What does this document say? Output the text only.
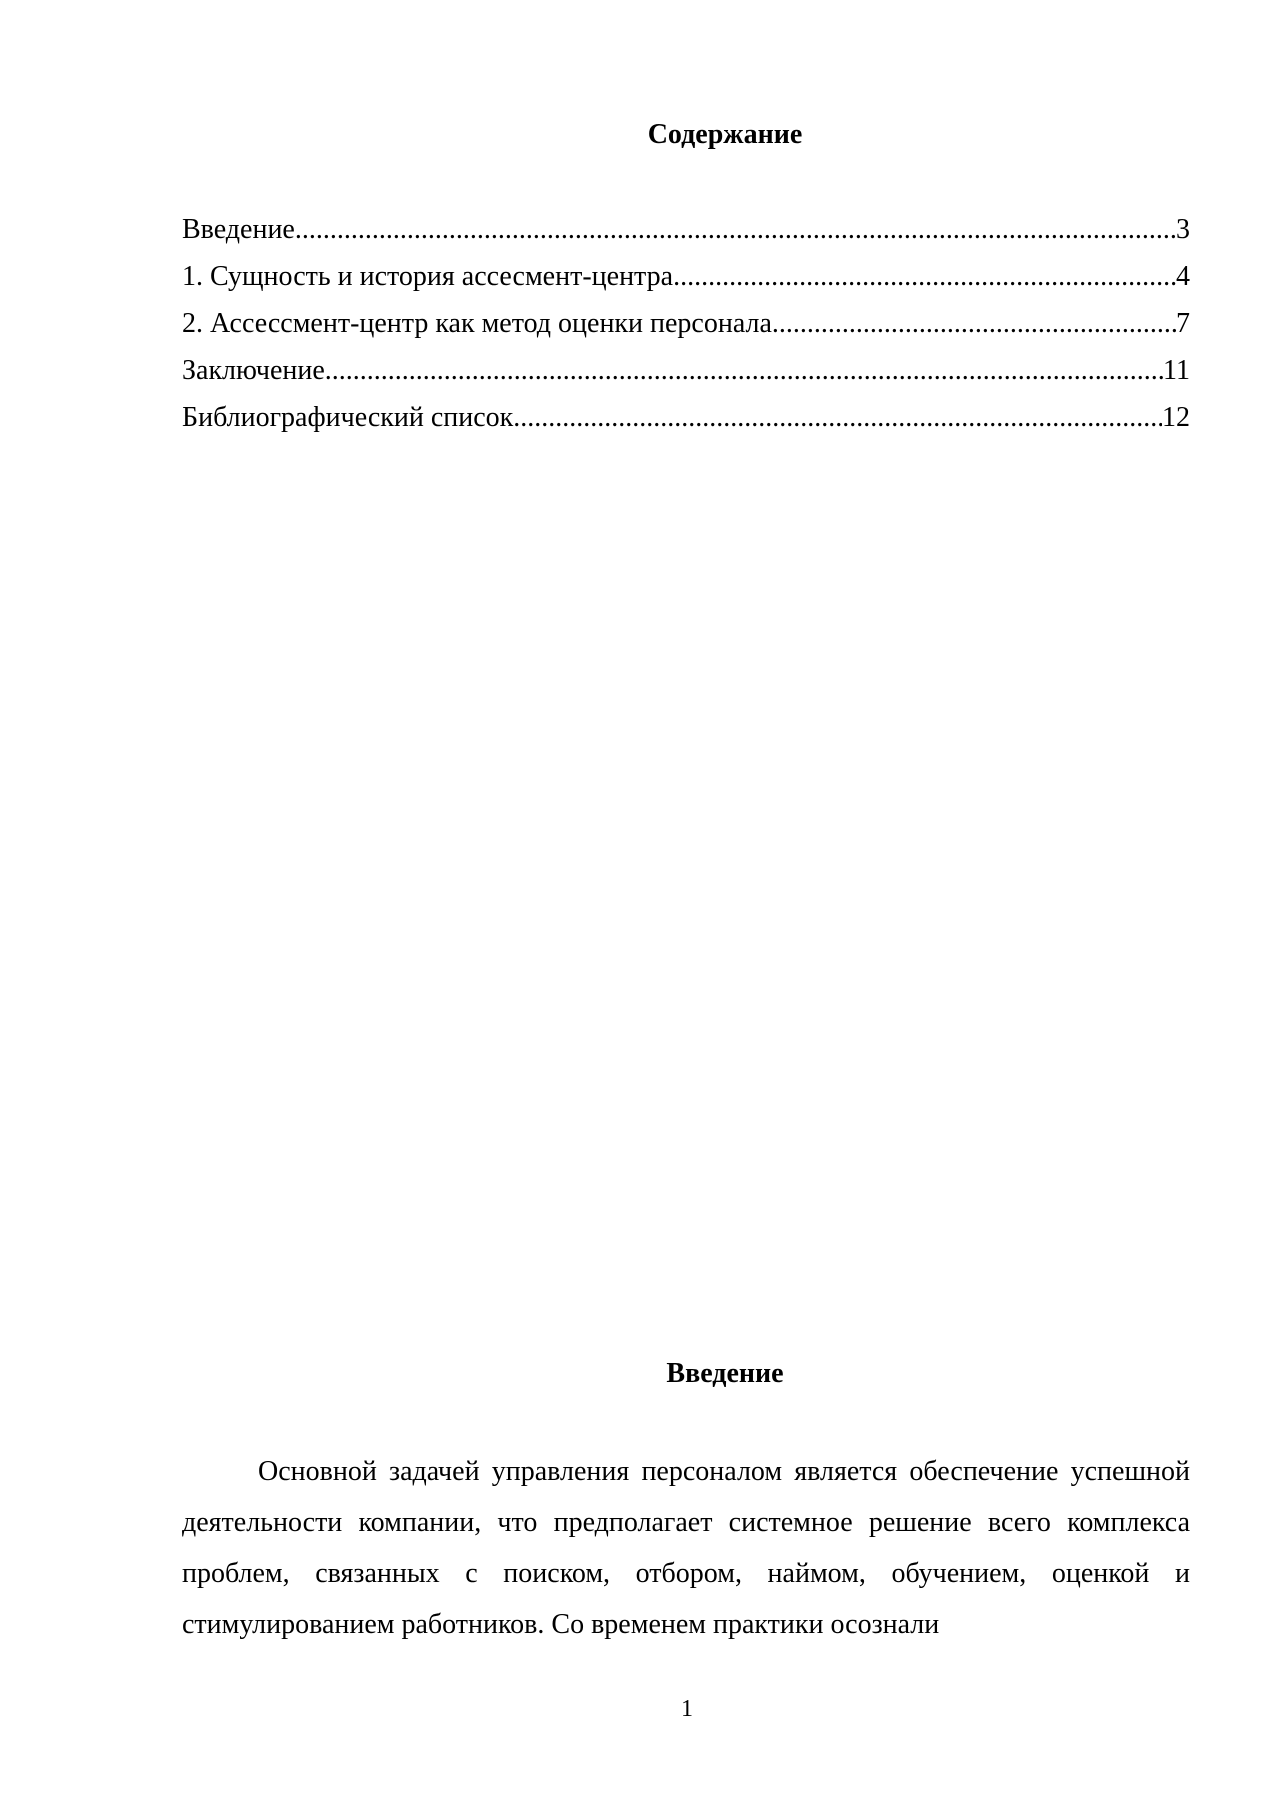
Содержание
Введение .....	3
1. Сущность и история ассесмент-центра .....	4
2. Ассессмент-центр как метод оценки персонала .....	7
Заключение .....	11
Библиографический список .....	12
Введение

Основной задачей управления персоналом является обеспечение успешной деятельности компании, что предполагает системное решение всего комплекса проблем, связанных с поиском, отбором, наймом, обучением, оценкой и стимулированием работников. Со временем практики осознали

1
